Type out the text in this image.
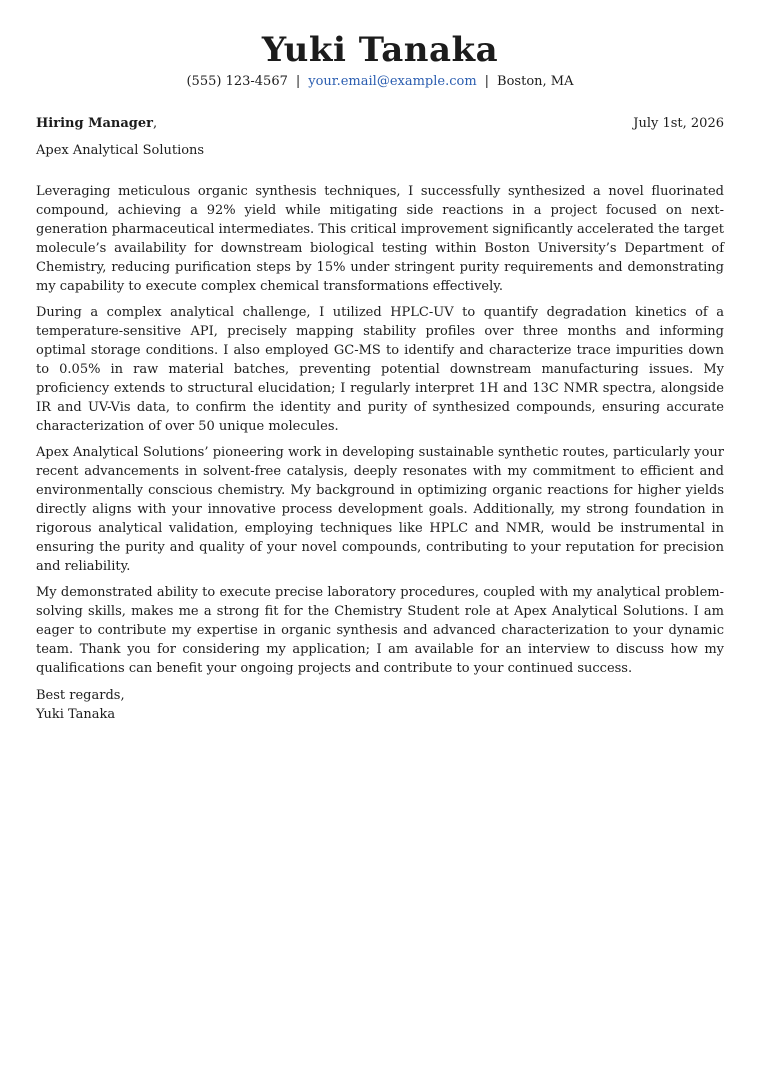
Yuki Tanaka
(555) 123-4567 | your.email@example.com | Boston, MA
Hiring Manager,	July 1st, 2026
Apex Analytical Solutions

Leveraging meticulous organic synthesis techniques, I successfully synthesized a novel fluorinated compound, achieving a 92% yield while mitigating side reactions in a project focused on next-generation pharmaceutical intermediates. This critical improvement significantly accelerated the target molecule’s availability for downstream biological testing within Boston University’s Department of Chemistry, reducing purification steps by 15% under stringent purity requirements and demonstrating my capability to execute complex chemical transformations effectively.

During a complex analytical challenge, I utilized HPLC-UV to quantify degradation kinetics of a temperature-sensitive API, precisely mapping stability profiles over three months and informing optimal storage conditions. I also employed GC-MS to identify and characterize trace impurities down to 0.05% in raw material batches, preventing potential downstream manufacturing issues. My proficiency extends to structural elucidation; I regularly interpret 1H and 13C NMR spectra, alongside IR and UV-Vis data, to confirm the identity and purity of synthesized compounds, ensuring accurate characterization of over 50 unique molecules.

Apex Analytical Solutions’ pioneering work in developing sustainable synthetic routes, particularly your recent advancements in solvent-free catalysis, deeply resonates with my commitment to efficient and environmentally conscious chemistry. My background in optimizing organic reactions for higher yields directly aligns with your innovative process development goals. Additionally, my strong foundation in rigorous analytical validation, employing techniques like HPLC and NMR, would be instrumental in ensuring the purity and quality of your novel compounds, contributing to your reputation for precision and reliability.

My demonstrated ability to execute precise laboratory procedures, coupled with my analytical problem-solving skills, makes me a strong fit for the Chemistry Student role at Apex Analytical Solutions. I am eager to contribute my expertise in organic synthesis and advanced characterization to your dynamic team. Thank you for considering my application; I am available for an interview to discuss how my qualifications can benefit your ongoing projects and contribute to your continued success.

Best regards,
Yuki Tanaka
